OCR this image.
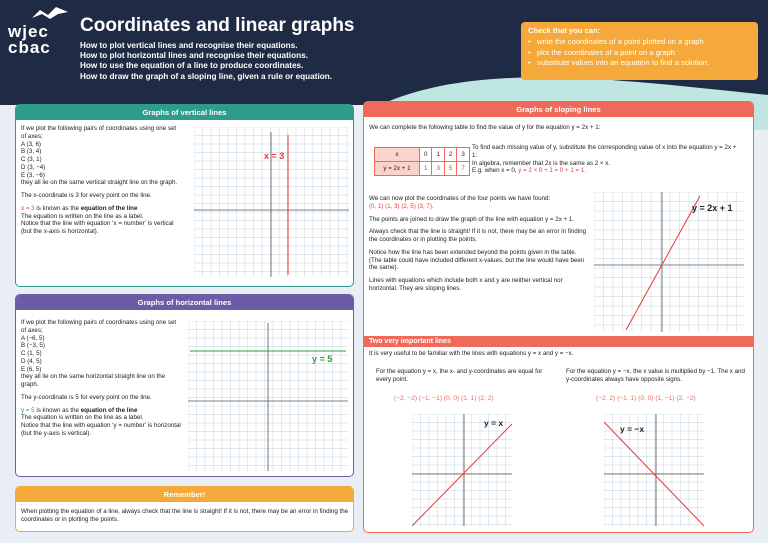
wjec
cbac
Coordinates and linear graphs
How to plot vertical lines and recognise their equations.
How to plot horizontal lines and recognise their equations.
How to use the equation of a line to produce coordinates.
How to draw the graph of a sloping line, given a rule or equation.
Check that you can:
• write the coordinates of a point plotted on a graph
• plot the coordinates of a point on a graph
• substitute values into an equation to find a solution.
Graphs of vertical lines
If we plot the following pairs of coordinates using one set of axes;
A (3, 6)
B (3, 4)
C (3, 1)
D (3, −4)
E (3, −6)
they all lie on the same vertical straight line on the graph.
The x-coordinate is 3 for every point on the line.
x = 3 is known as the equation of the line
The equation is written on the line as a label.
Notice that the line with equation ‘x = number’ is vertical (but the x-axis is horizontal).
x = 3
Graphs of horizontal lines
If we plot the following pairs of coordinates using one set of axes;
A (−6, 5)
B (−3, 5)
C (1, 5)
D (4, 5)
E (6, 5)
they all lie on the same horizontal straight line on the graph.
The y-coordinate is 5 for every point on the line.
y = 5 is known as the equation of the line
The equation is written on the line as a label.
Notice that the line with equation ‘y = number’ is horizontal (but the y-axis is vertical).
y = 5
Remember!
When plotting the equation of a line, always check that the line is straight! If it is not, there may be an error in finding the coordinates or in plotting the points.
Graphs of sloping lines
We can complete the following table to find the value of y for the equation y = 2x + 1:
x	0	1	2	3
y = 2x + 1	1	3	5	7
To find each missing value of y, substitute the corresponding value of x into the equation y = 2x + 1:
In algebra, remember that 2x is the same as 2 × x.
E.g. when x = 0, y = 2 × 0 + 1 = 0 + 1 = 1.
We can now plot the coordinates of the four points we have found:
(0, 1) (1, 3) (2, 5) (3, 7).
The points are joined to draw the graph of the line with equation y = 2x + 1.
Always check that the line is straight! If it is not, there may be an error in finding the coordinates or in plotting the points.
Notice how the line has been extended beyond the points given in the table. (The table could have included different x-values, but the line would have been the same).
Lines with equations which include both x and y are neither vertical nor horizontal. They are sloping lines.
y = 2x + 1
Two very important lines
It is very useful to be familiar with the lines with equations y = x and y = −x.
For the equation y = x, the x- and y-coordinates are equal for every point.
(−2, −2) (−1, −1) (0, 0) (1, 1) (2, 2)
For the equation y = −x, the x value is multiplied by −1. The x and y-coordinates always have opposite signs.
(−2, 2) (−1, 1) (0, 0) (1, −1) (2, −2)
y = x
y = −x
